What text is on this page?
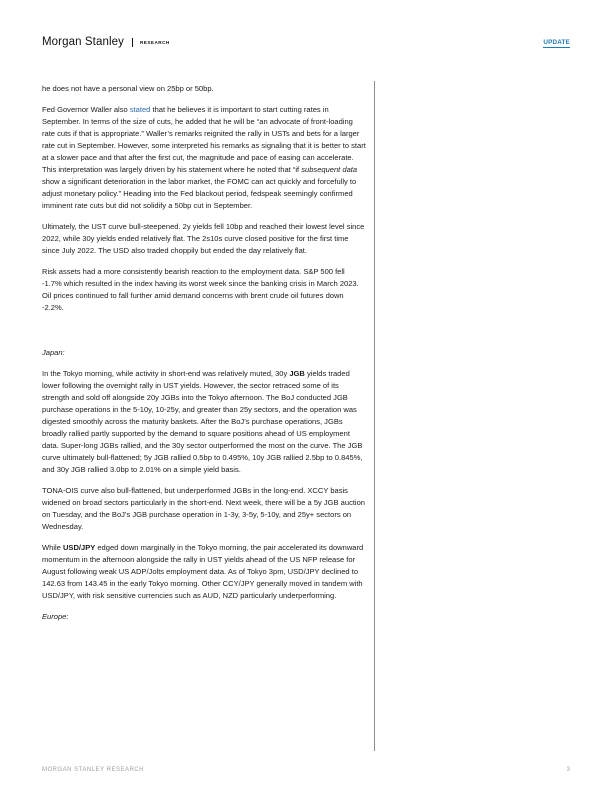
Morgan Stanley	RESEARCH	UPDATE

he does not have a personal view on 25bp or 50bp.

Fed Governor Waller also stated that he believes it is important to start cutting rates in September. In terms of the size of cuts, he added that he will be “an advocate of front-loading rate cuts if that is appropriate.” Waller’s remarks reignited the rally in USTs and bets for a larger rate cut in September. However, some interpreted his remarks as signaling that it is better to start at a slower pace and that after the first cut, the magnitude and pace of easing can accelerate. This interpretation was largely driven by his statement where he noted that “if subsequent data show a significant deterioration in the labor market, the FOMC can act quickly and forcefully to adjust monetary policy.” Heading into the Fed blackout period, fedspeak seemingly confirmed imminent rate cuts but did not solidify a 50bp cut in September.

Ultimately, the UST curve bull-steepened. 2y yields fell 10bp and reached their lowest level since 2022, while 30y yields ended relatively flat. The 2s10s curve closed positive for the first time since July 2022. The USD also traded choppily but ended the day relatively flat.

Risk assets had a more consistently bearish reaction to the employment data. S&P 500 fell -1.7% which resulted in the index having its worst week since the banking crisis in March 2023. Oil prices continued to fall further amid demand concerns with brent crude oil futures down -2.2%.

Japan:

In the Tokyo morning, while activity in short-end was relatively muted, 30y JGB yields traded lower following the overnight rally in UST yields. However, the sector retraced some of its strength and sold off alongside 20y JGBs into the Tokyo afternoon. The BoJ conducted JGB purchase operations in the 5-10y, 10-25y, and greater than 25y sectors, and the operation was digested smoothly across the maturity baskets. After the BoJ’s purchase operations, JGBs broadly rallied partly supported by the demand to square positions ahead of US employment data. Super-long JGBs rallied, and the 30y sector outperformed the most on the curve. The JGB curve ultimately bull-flattened; 5y JGB rallied 0.5bp to 0.495%, 10y JGB rallied 2.5bp to 0.845%, and 30y JGB rallied 3.0bp to 2.01% on a simple yield basis.

TONA-OIS curve also bull-flattened, but underperformed JGBs in the long-end. XCCY basis widened on broad sectors particularly in the short-end. Next week, there will be a 5y JGB auction on Tuesday, and the BoJ’s JGB purchase operation in 1-3y, 3-5y, 5-10y, and 25y+ sectors on Wednesday.

While USD/JPY edged down marginally in the Tokyo morning, the pair accelerated its downward momentum in the afternoon alongside the rally in UST yields ahead of the US NFP release for August following weak US ADP/Jolts employment data. As of Tokyo 3pm, USD/JPY declined to 142.63 from 143.45 in the early Tokyo morning. Other CCY/JPY generally moved in tandem with USD/JPY, with risk sensitive currencies such as AUD, NZD particularly underperforming.

Europe:

MORGAN STANLEY RESEARCH	3
